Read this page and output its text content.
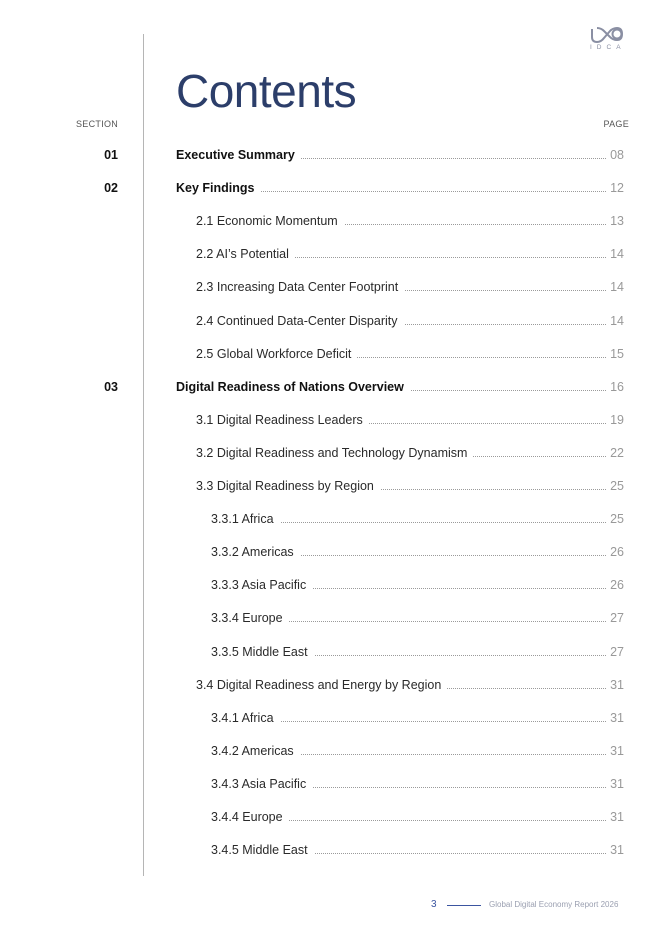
IDCA
Contents
SECTION	PAGE
01	Executive Summary	08
02	Key Findings	12
2.1 Economic Momentum	13
2.2 AI’s Potential	14
2.3 Increasing Data Center Footprint	14
2.4 Continued Data-Center Disparity	14
2.5 Global Workforce Deficit	15
03	Digital Readiness of Nations Overview	16
3.1 Digital Readiness Leaders	19
3.2 Digital Readiness and Technology Dynamism	22
3.3 Digital Readiness by Region	25
3.3.1 Africa	25
3.3.2 Americas	26
3.3.3 Asia Pacific	26
3.3.4 Europe	27
3.3.5 Middle East	27
3.4 Digital Readiness and Energy by Region	31
3.4.1 Africa	31
3.4.2 Americas	31
3.4.3 Asia Pacific	31
3.4.4 Europe	31
3.4.5 Middle East	31
3	Global Digital Economy Report 2026
